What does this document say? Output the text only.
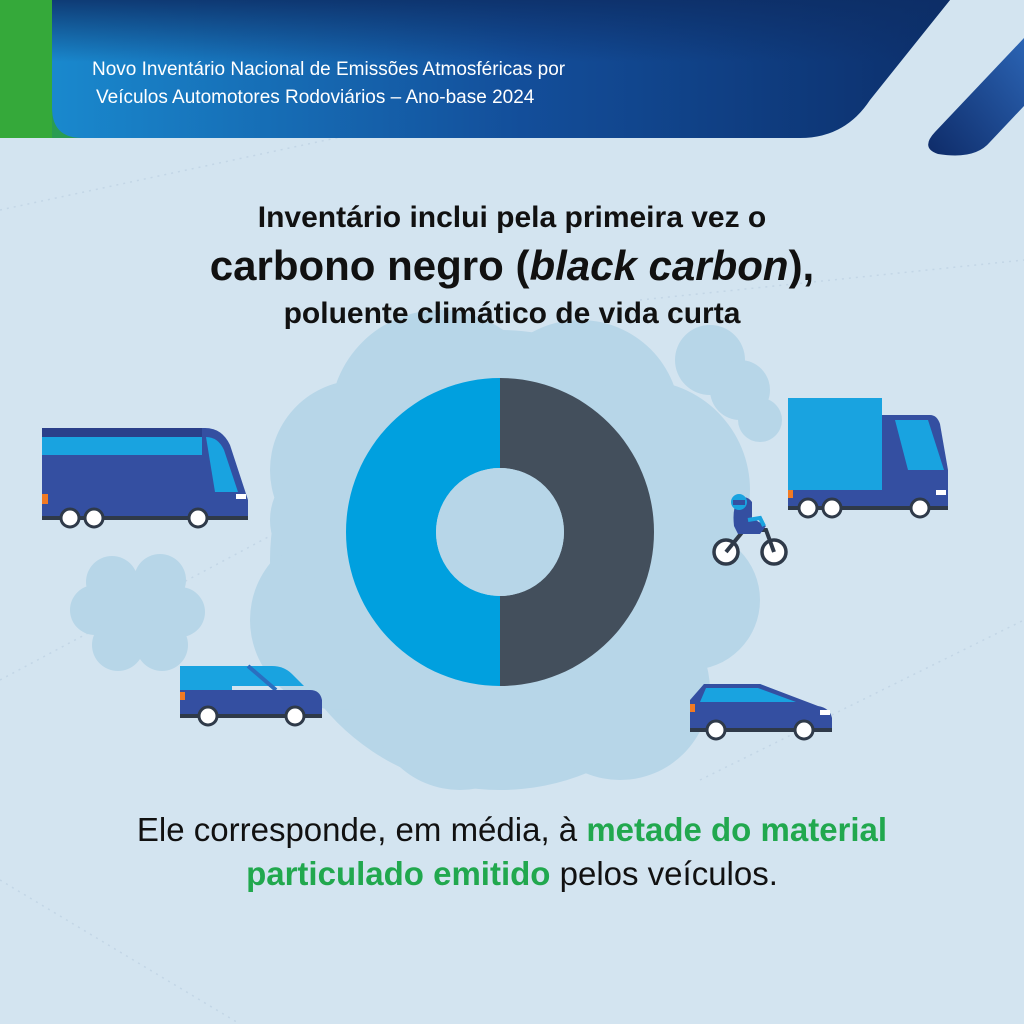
Novo Inventário Nacional de Emissões Atmosféricas por
Veículos Automotores Rodoviários – Ano-base 2024
Inventário inclui pela primeira vez o
carbono negro (black carbon),
poluente climático de vida curta
Ele corresponde, em média, à metade do material
particulado emitido pelos veículos.
